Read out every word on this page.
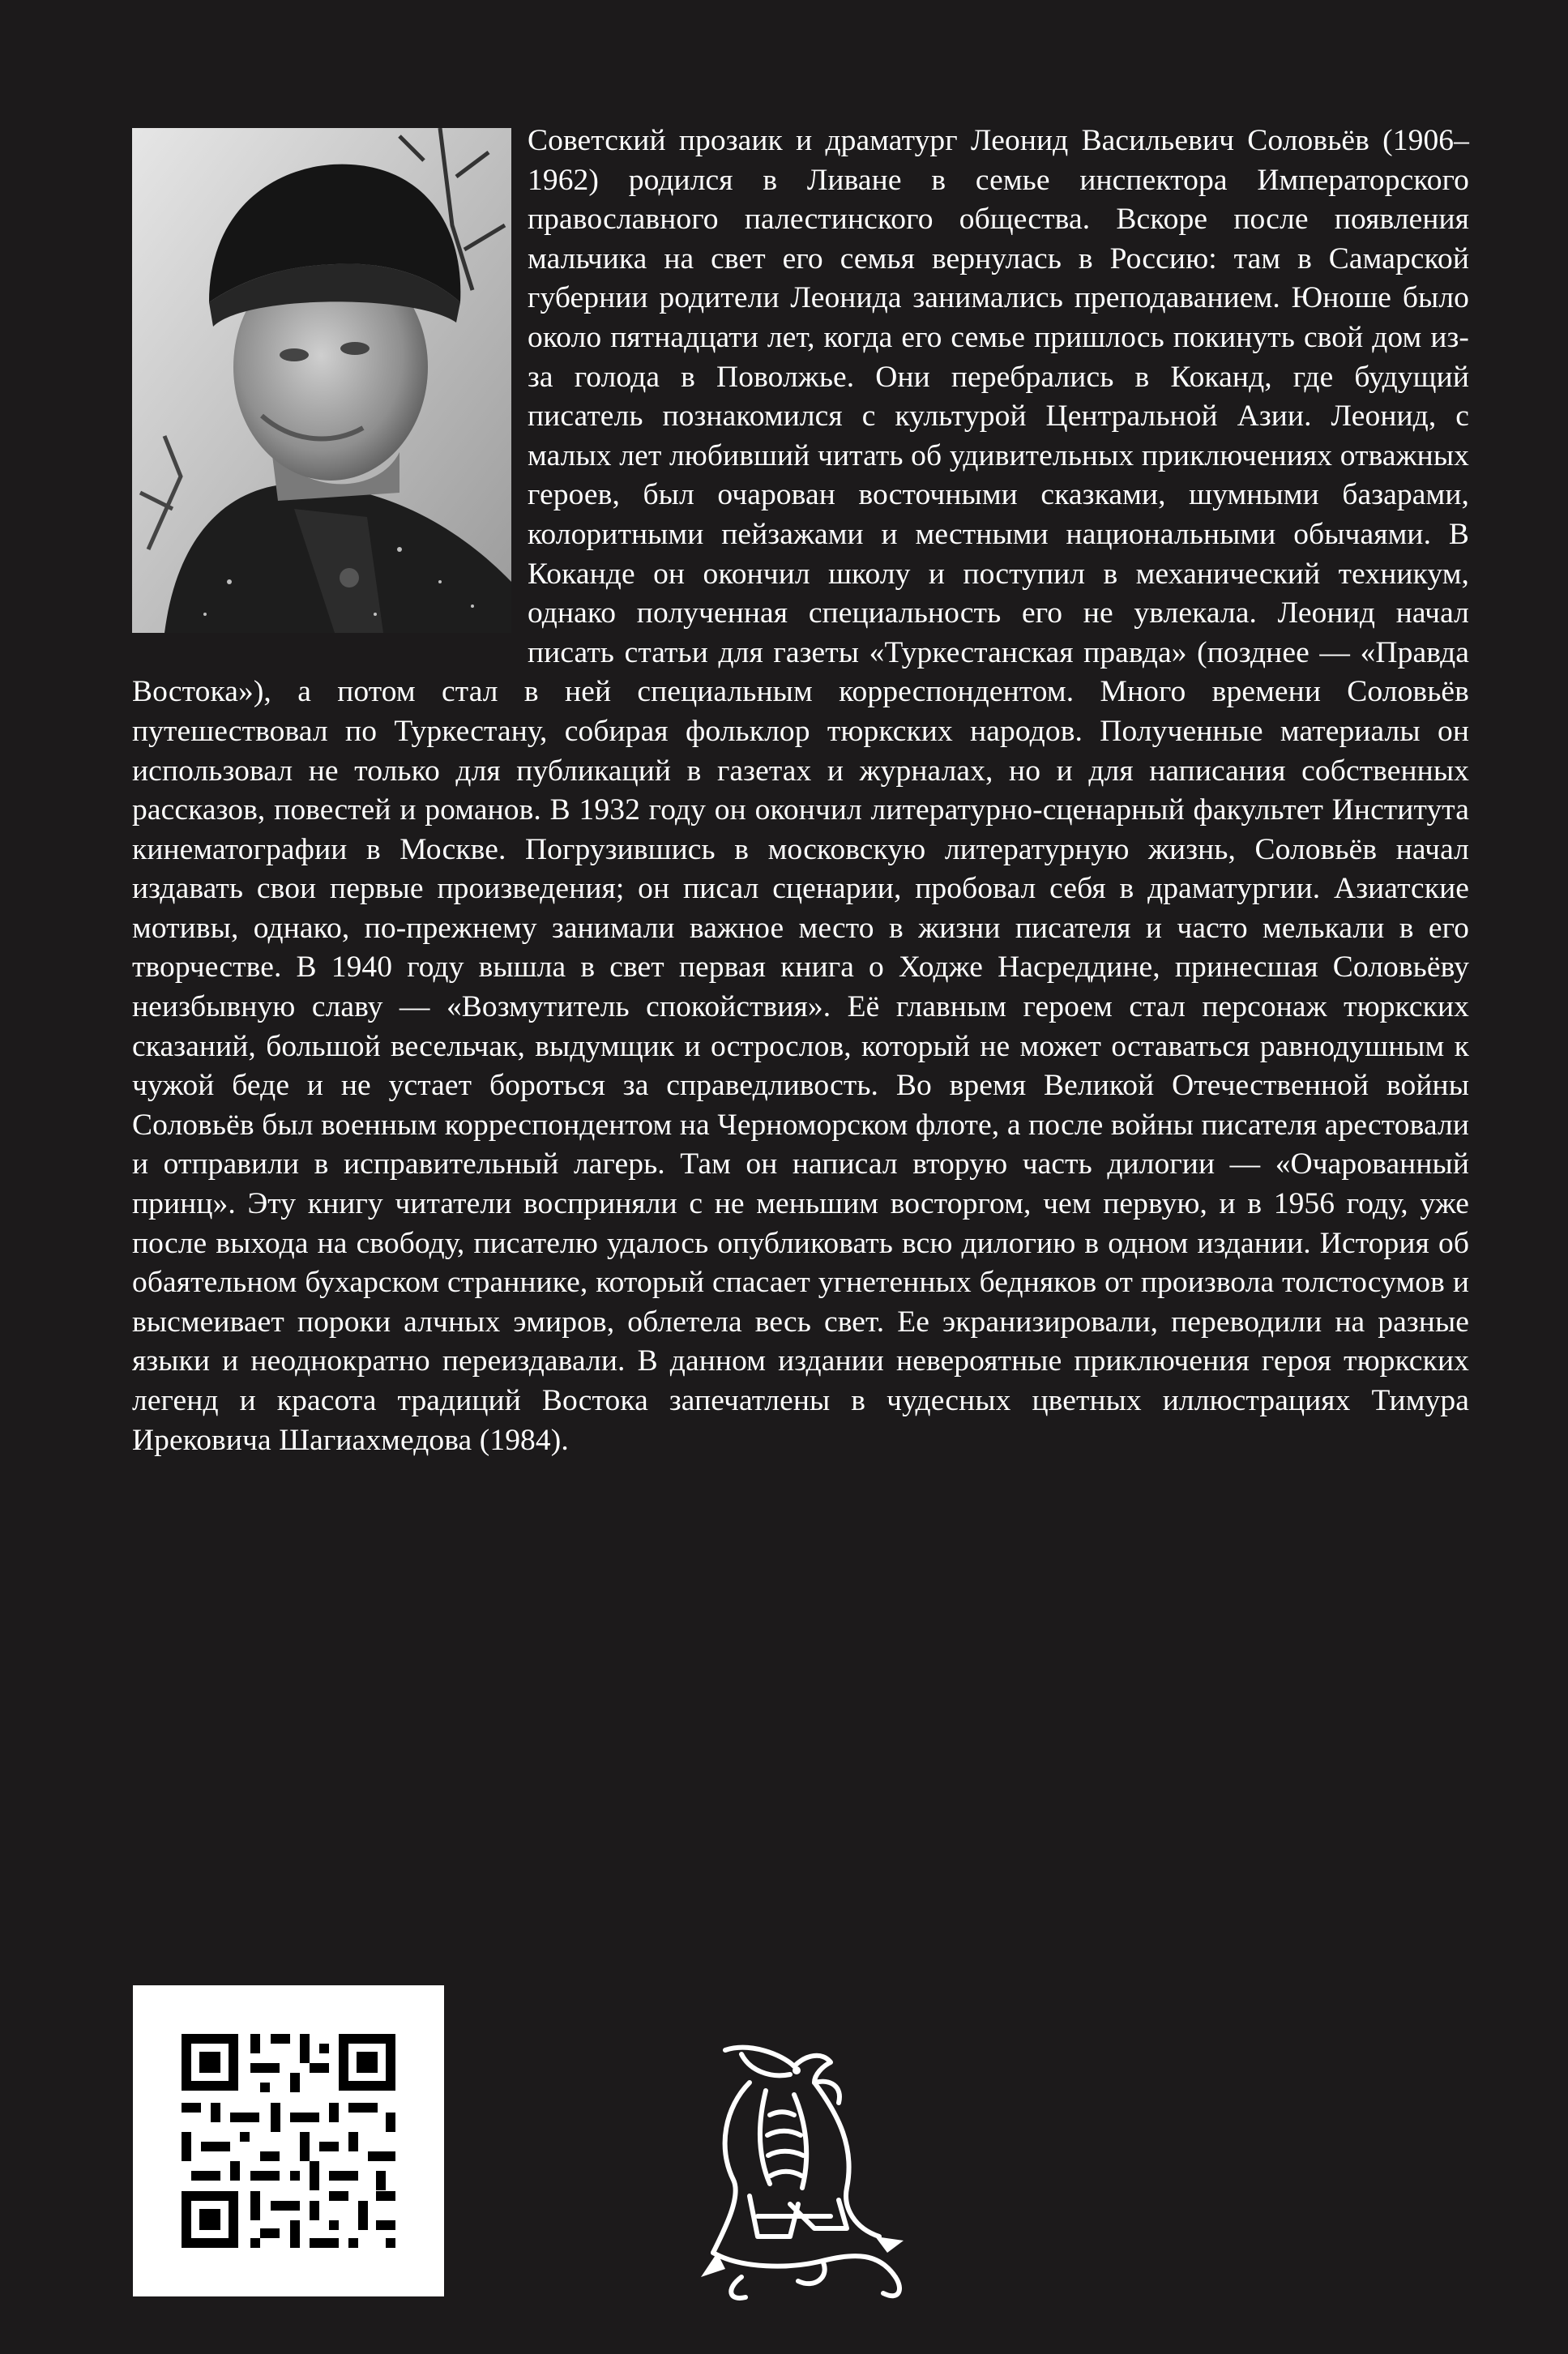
Советский прозаик и драматург Леонид Васильевич Соловьёв (1906–1962) родился в Ливане в семье инспектора Императорского православного палестинского общества. Вскоре после появления мальчика на свет его семья вернулась в Россию: там в Самарской губернии родители Леонида занимались преподаванием. Юноше было около пятнадцати лет, когда его семье пришлось покинуть свой дом из-за голода в Поволжье. Они перебрались в Коканд, где будущий писатель познакомился с культурой Центральной Азии. Леонид, с малых лет любивший читать об удивительных приключениях отважных героев, был очарован восточными сказками, шумными базарами, колоритными пейзажами и местными национальными обычаями. В Коканде он окончил школу и поступил в механический техникум, однако полученная специальность его не увлекала. Леонид начал писать статьи для газеты «Туркестанская правда» (позднее — «Правда Востока»), а потом стал в ней специальным корреспондентом. Много времени Соловьёв путешествовал по Туркестану, собирая фольклор тюркских народов. Полученные материалы он использовал не только для публикаций в газетах и журналах, но и для написания собственных рассказов, повестей и романов. В 1932 году он окончил литературно-сценарный факультет Института кинематографии в Москве. Погрузившись в московскую литературную жизнь, Соловьёв начал издавать свои первые произведения; он писал сценарии, пробовал себя в драматургии. Азиатские мотивы, однако, по-прежнему занимали важное место в жизни писателя и часто мелькали в его творчестве. В 1940 году вышла в свет первая книга о Ходже Насреддине, принесшая Соловьёву неизбывную славу — «Возмутитель спокойствия». Её главным героем стал персонаж тюркских сказаний, большой весельчак, выдумщик и острослов, который не может оставаться равнодушным к чужой беде и не устает бороться за справедливость. Во время Великой Отечественной войны Соловьёв был военным корреспондентом на Черноморском флоте, а после войны писателя арестовали и отправили в исправительный лагерь. Там он написал вторую часть дилогии — «Очарованный принц». Эту книгу читатели восприняли с не меньшим восторгом, чем первую, и в 1956 году, уже после выхода на свободу, писателю удалось опубликовать всю дилогию в одном издании. История об обаятельном бухарском страннике, который спасает угнетенных бедняков от произвола толстосумов и высмеивает пороки алчных эмиров, облетела весь свет. Ее экранизировали, переводили на разные языки и неоднократно переиздавали. В данном издании невероятные приключения героя тюркских легенд и красота традиций Востока запечатлены в чудесных цветных иллюстрациях Тимура Ирековича Шагиахмедова (1984).
